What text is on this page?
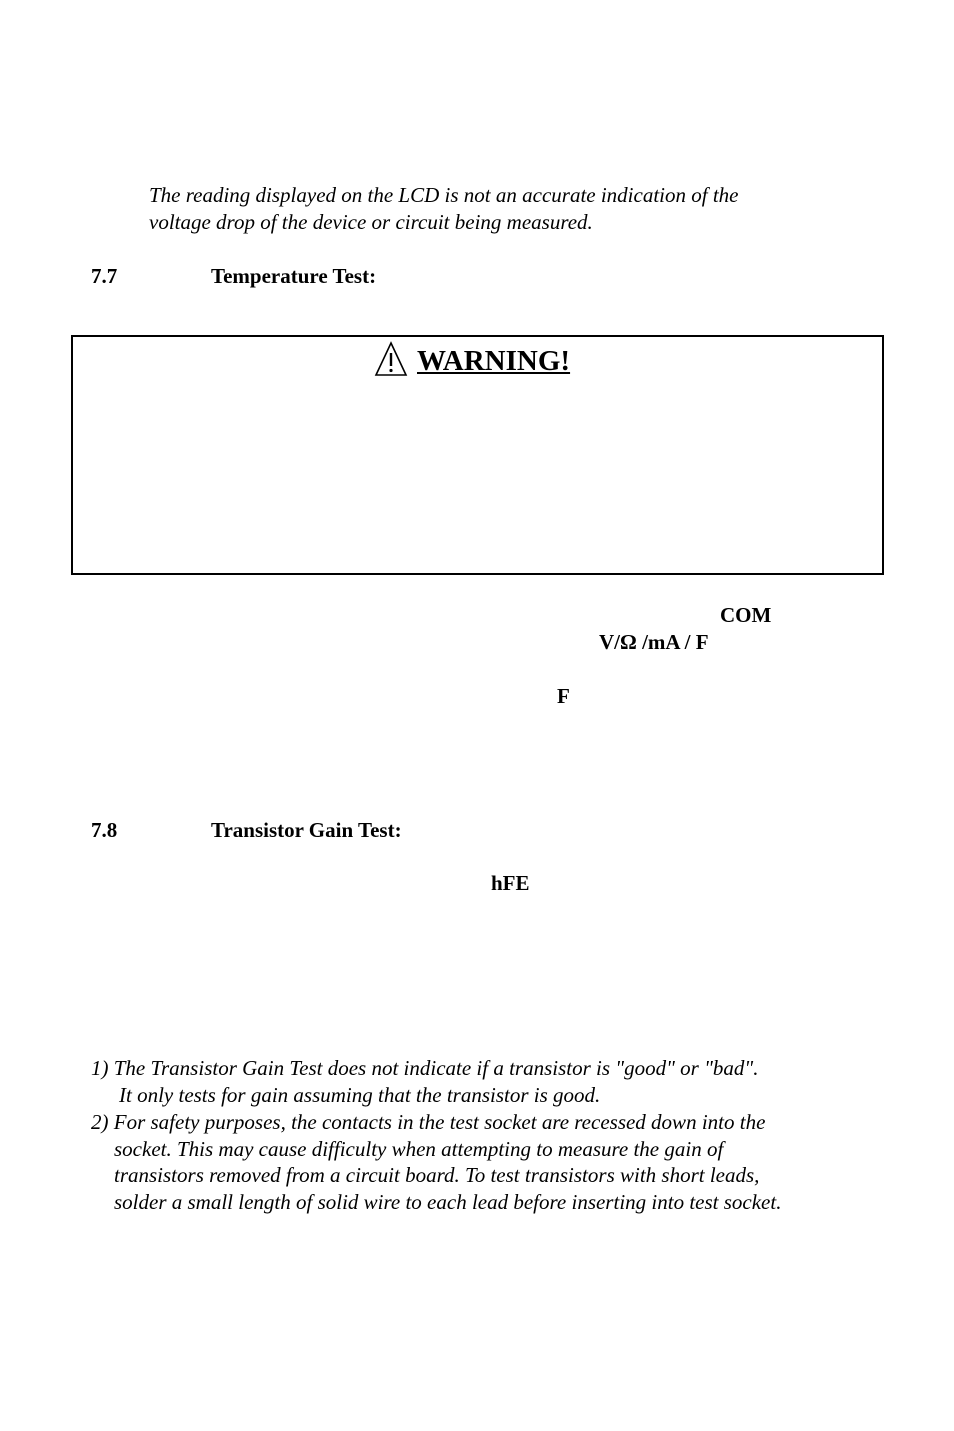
The reading displayed on the LCD is not an accurate indication of the
voltage drop of the device or circuit being measured.
7.7	Temperature Test:
WARNING!
COM
V/Ω /mA / F
F
7.8	Transistor Gain Test:
hFE
1) The Transistor Gain Test does not indicate if a transistor is "good" or "bad".
It only tests for gain assuming that the transistor is good.
2) For safety purposes, the contacts in the test socket are recessed down into the
socket. This may cause difficulty when attempting to measure the gain of
transistors removed from a circuit board. To test transistors with short leads,
solder a small length of solid wire to each lead before inserting into test socket.
